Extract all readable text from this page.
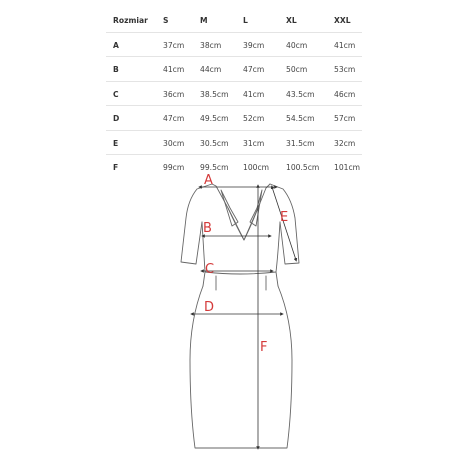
Rozmiar S	M	L	XL	XXL
A	37cm 38cm	39cm	40cm	41cm
B	41cm 44cm	47cm	50cm	53cm
C	36cm 38.5cm 41cm	43.5cm	46cm
D	47cm 49.5cm 52cm	54.5cm	57cm
E	30cm 30.5cm 31cm	31.5cm	32cm
F	99cm 99.5cm 100cm 100.5cm 101cm
A
E
B
C
D
F
